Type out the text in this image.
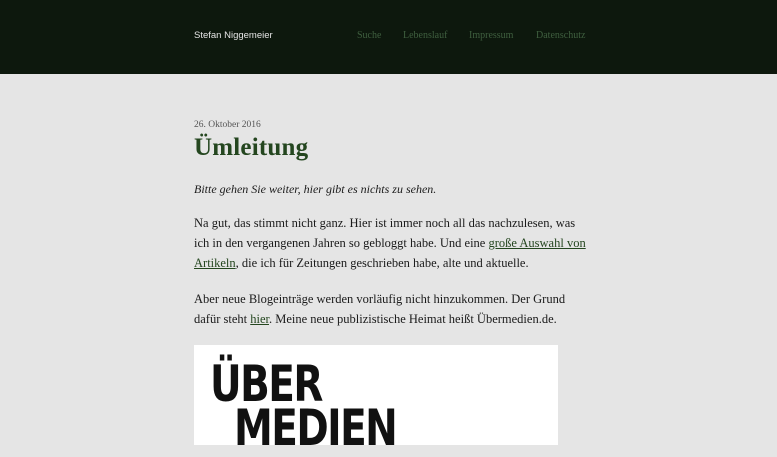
Stefan Niggemeier	Suche Lebenslauf Impressum Datenschutz

26. Oktober 2016

Ümleitung

Bitte gehen Sie weiter, hier gibt es nichts zu sehen.

Na gut, das stimmt nicht ganz. Hier ist immer noch all das nachzulesen, was ich in den vergangenen Jahren so gebloggt habe. Und eine große Auswahl von Artikeln, die ich für Zeitungen geschrieben habe, alte und aktuelle.

Aber neue Blogeinträge werden vorläufig nicht hinzukommen. Der Grund dafür steht hier. Meine neue publizistische Heimat heißt Übermedien.de.

ÜBER
MEDIEN
